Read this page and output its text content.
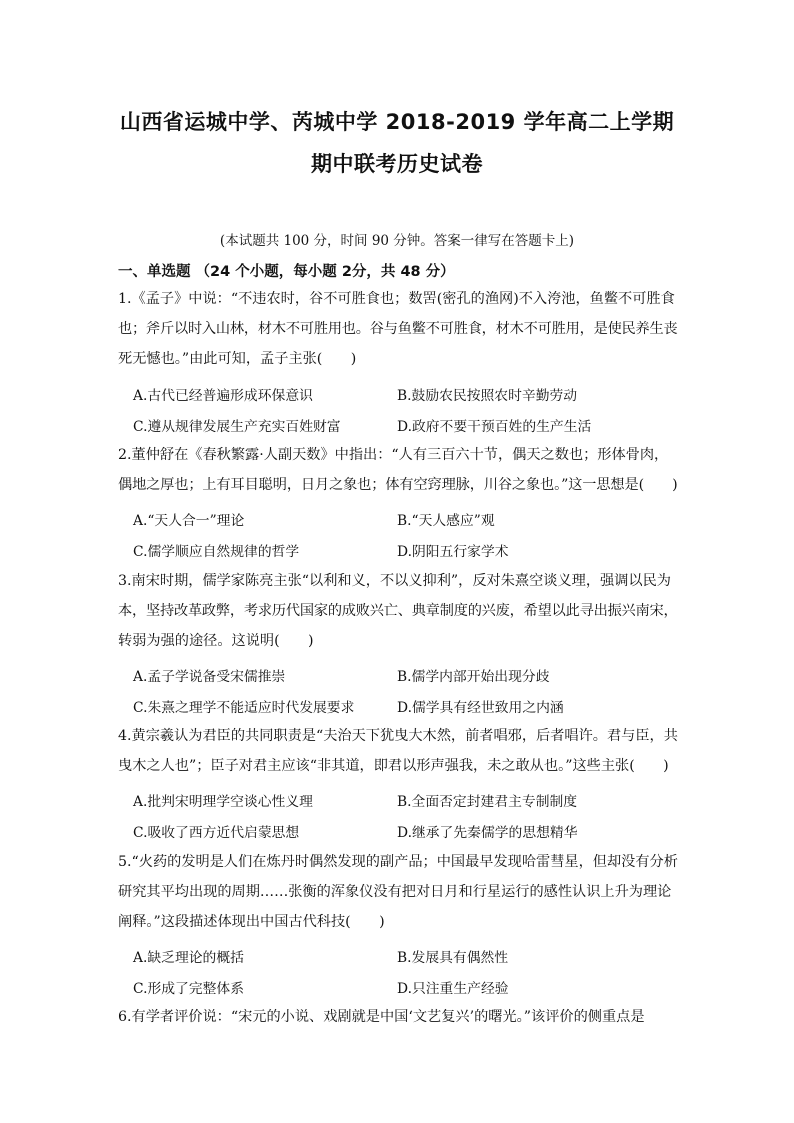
山西省运城中学、芮城中学 2018-2019 学年高二上学期
期中联考历史试卷
(本试题共 100 分，时间 90 分钟。答案一律写在答题卡上)
一、单选题 （24 个小题，每小题 2分，共 48 分）

1.《孟子》中说：“不违农时，谷不可胜食也；数罟(密孔的渔网)不入洿池，鱼鳖不可胜食

也；斧斤以时入山林，材木不可胜用也。谷与鱼鳖不可胜食，材木不可胜用，是使民养生丧

死无憾也。”由此可知，孟子主张(　　)

A.古代已经普遍形成环保意识	B.鼓励农民按照农时辛勤劳动
C.遵从规律发展生产充实百姓财富	D.政府不要干预百姓的生产生活

2.董仲舒在《春秋繁露·人副天数》中指出：“人有三百六十节，偶天之数也；形体骨肉，

偶地之厚也；上有耳目聪明，日月之象也；体有空窍理脉，川谷之象也。”这一思想是(　　)

A.“天人合一”理论	B.“天人感应”观
C.儒学顺应自然规律的哲学	D.阴阳五行家学术

3.南宋时期，儒学家陈亮主张“以利和义，不以义抑利”，反对朱熹空谈义理，强调以民为

本，坚持改革政弊，考求历代国家的成败兴亡、典章制度的兴废，希望以此寻出振兴南宋，

转弱为强的途径。这说明(　　)

A.孟子学说备受宋儒推崇	B.儒学内部开始出现分歧
C.朱熹之理学不能适应时代发展要求	D.儒学具有经世致用之内涵

4.黄宗羲认为君臣的共同职责是“夫治天下犹曳大木然，前者唱邪，后者唱许。君与臣，共

曳木之人也”；臣子对君主应该“非其道，即君以形声强我，未之敢从也。”这些主张(　　)

A.批判宋明理学空谈心性义理	B.全面否定封建君主专制制度
C.吸收了西方近代启蒙思想	D.继承了先秦儒学的思想精华

5.“火药的发明是人们在炼丹时偶然发现的副产品；中国最早发现哈雷彗星，但却没有分析

研究其平均出现的周期……张衡的浑象仪没有把对日月和行星运行的感性认识上升为理论

阐释。”这段描述体现出中国古代科技(　　)

A.缺乏理论的概括	B.发展具有偶然性
C.形成了完整体系	D.只注重生产经验

6.有学者评价说：“宋元的小说、戏剧就是中国‘文艺复兴’的曙光。”该评价的侧重点是
